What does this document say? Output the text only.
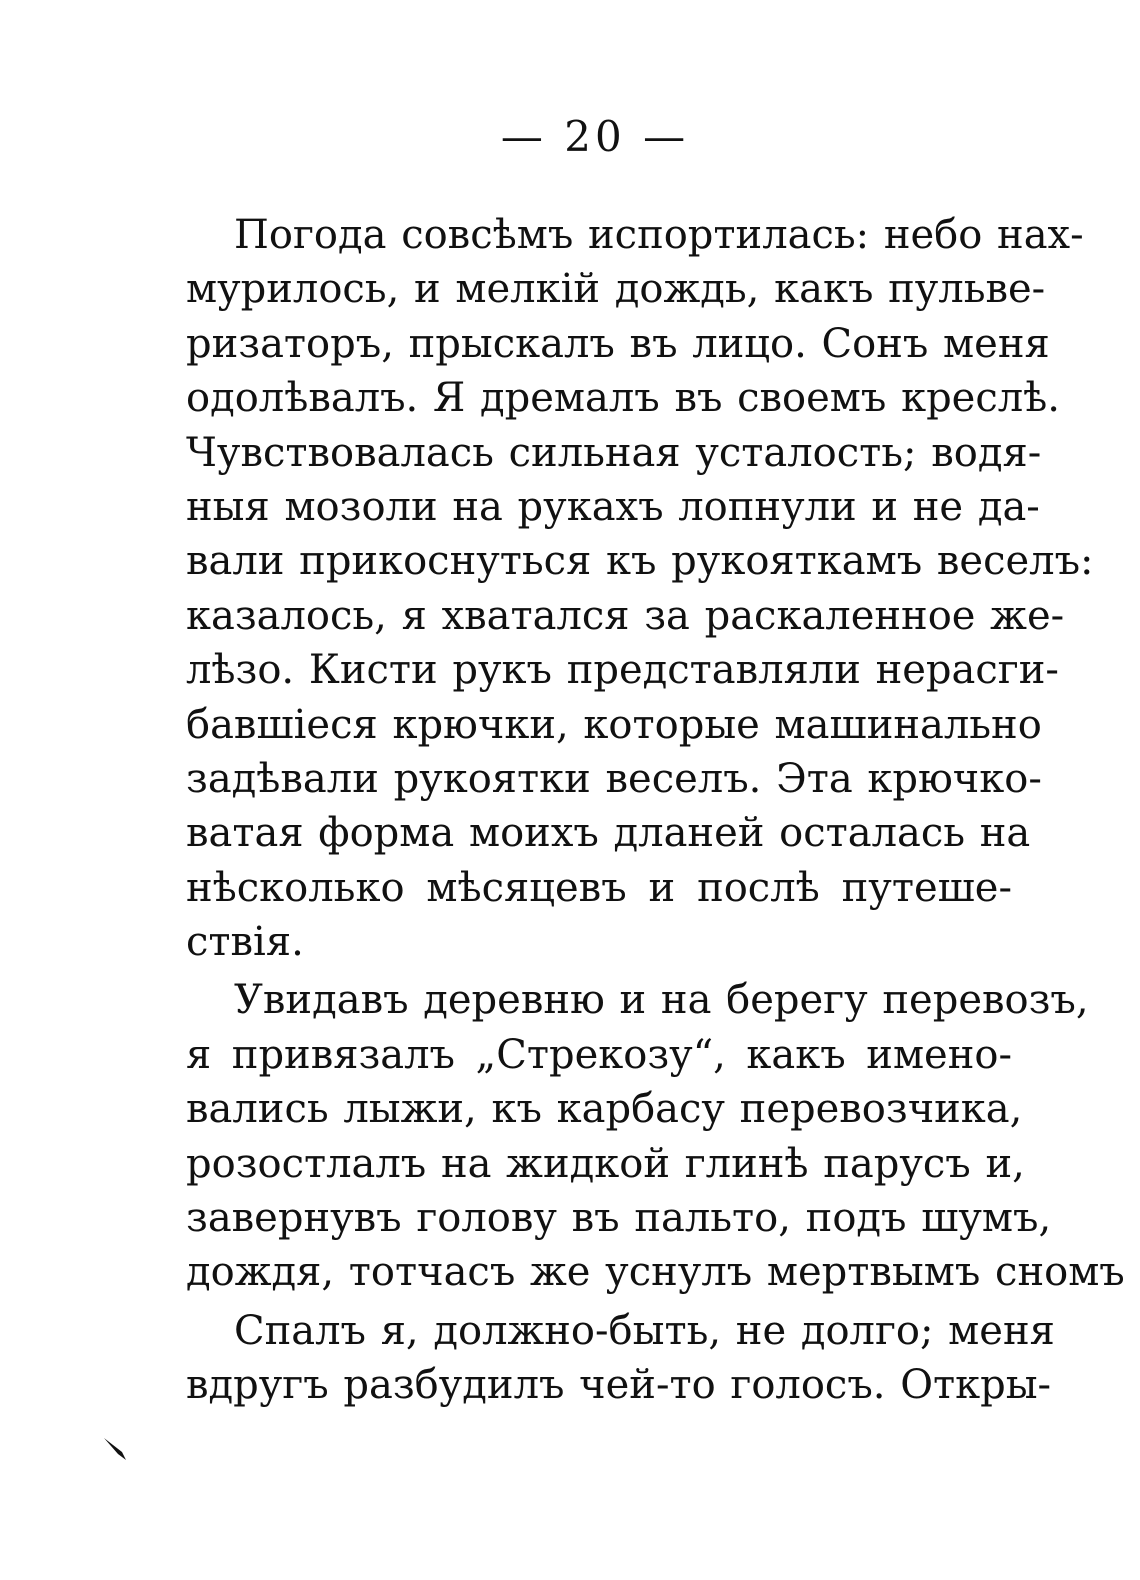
— 20 —
Погода совсѣмъ испортилась: небо нах-
мурилось, и мелкій дождь, какъ пульве-
ризаторъ, прыскалъ въ лицо. Сонъ меня
одолѣвалъ. Я дремалъ въ своемъ креслѣ.
Чувствовалась сильная усталость; водя-
ныя мозоли на рукахъ лопнули и не да-
вали прикоснуться къ рукояткамъ веселъ:
казалось, я хватался за раскаленное же-
лѣзо. Кисти рукъ представляли нерасги-
бавшіеся крючки, которые машинально
задѣвали рукоятки веселъ. Эта крючко-
ватая форма моихъ дланей осталась на
нѣсколько мѣсяцевъ и послѣ путеше-
ствія.
Увидавъ деревню и на берегу перевозъ,
я привязалъ „Стрекозу“, какъ имено-
вались лыжи, къ карбасу перевозчика,
розостлалъ на жидкой глинѣ парусъ и,
завернувъ голову въ пальто, подъ шумъ,
дождя, тотчасъ же уснулъ мертвымъ сномъ
Спалъ я, должно-быть, не долго; меня
вдругъ разбудилъ чей-то голосъ. Откры-
